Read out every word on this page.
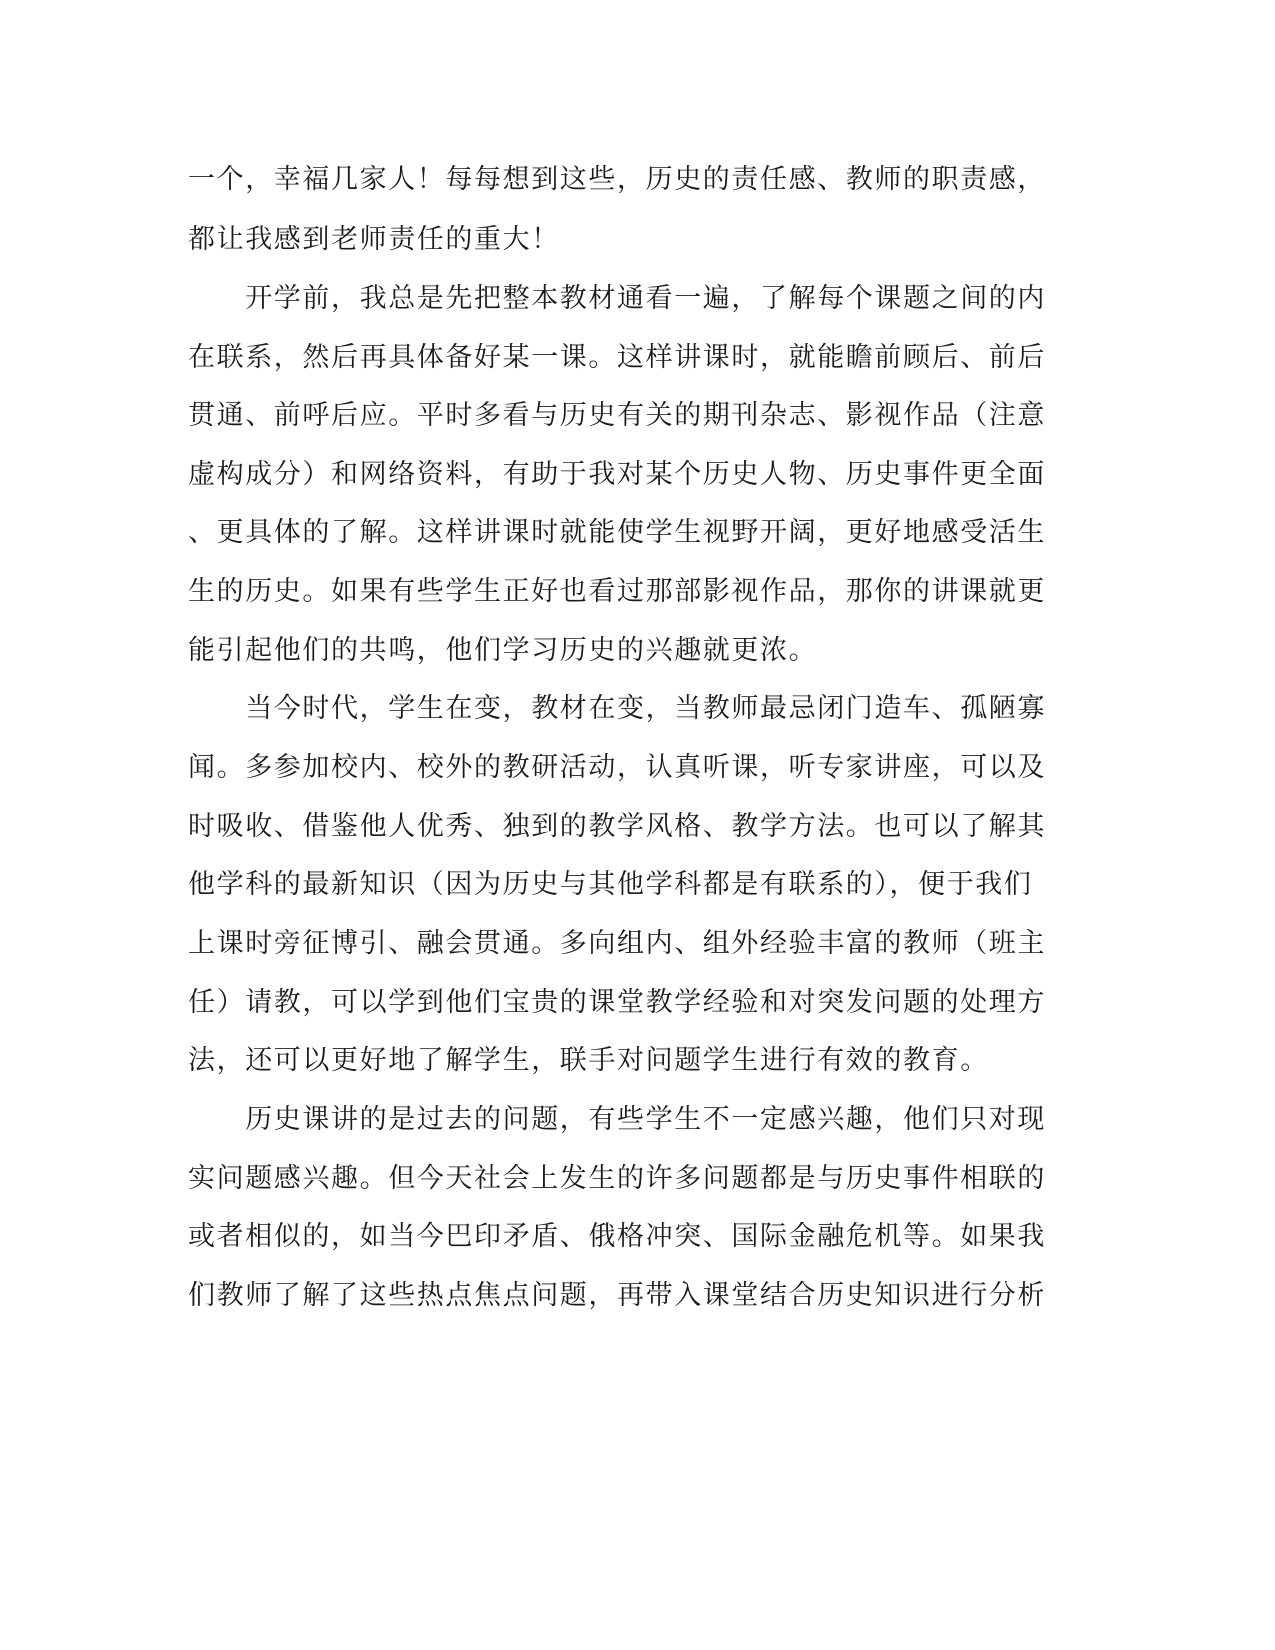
一个，幸福几家人！每每想到这些，历史的责任感、教师的职责感，
都让我感到老师责任的重大！
　　开学前，我总是先把整本教材通看一遍，了解每个课题之间的内
在联系，然后再具体备好某一课。这样讲课时，就能瞻前顾后、前后
贯通、前呼后应。平时多看与历史有关的期刊杂志、影视作品（注意
虚构成分）和网络资料，有助于我对某个历史人物、历史事件更全面
、更具体的了解。这样讲课时就能使学生视野开阔，更好地感受活生
生的历史。如果有些学生正好也看过那部影视作品，那你的讲课就更
能引起他们的共鸣，他们学习历史的兴趣就更浓。
　　当今时代，学生在变，教材在变，当教师最忌闭门造车、孤陋寡
闻。多参加校内、校外的教研活动，认真听课，听专家讲座，可以及
时吸收、借鉴他人优秀、独到的教学风格、教学方法。也可以了解其
他学科的最新知识（因为历史与其他学科都是有联系的），便于我们
上课时旁征博引、融会贯通。多向组内、组外经验丰富的教师（班主
任）请教，可以学到他们宝贵的课堂教学经验和对突发问题的处理方
法，还可以更好地了解学生，联手对问题学生进行有效的教育。
　　历史课讲的是过去的问题，有些学生不一定感兴趣，他们只对现
实问题感兴趣。但今天社会上发生的许多问题都是与历史事件相联的
或者相似的，如当今巴印矛盾、俄格冲突、国际金融危机等。如果我
们教师了解了这些热点焦点问题，再带入课堂结合历史知识进行分析
